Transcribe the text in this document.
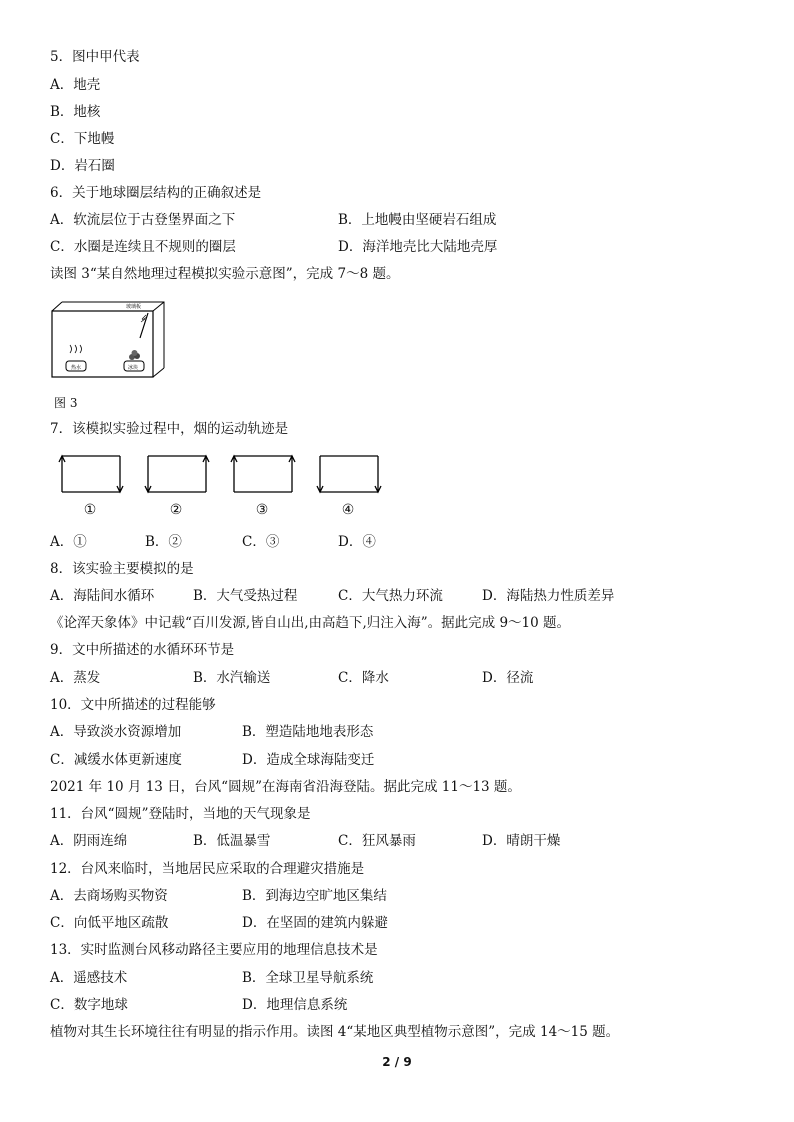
5．图中甲代表
A．地壳
B．地核
C．下地幔
D．岩石圈
6．关于地球圈层结构的正确叙述是
A．软流层位于古登堡界面之下	B．上地幔由坚硬岩石组成
C．水圈是连续且不规则的圈层	D．海洋地壳比大陆地壳厚
读图 3“某自然地理过程模拟实验示意图”，完成 7～8 题。
玻璃板
热水	冰块
图 3
7．该模拟实验过程中，烟的运动轨迹是
①	②	③	④
A．①	B．②	C．③	D．④
8．该实验主要模拟的是
A．海陆间水循环	B．大气受热过程	C．大气热力环流	D．海陆热力性质差异
《论浑天象体》中记载“百川发源,皆自山出,由高趋下,归注入海”。据此完成 9～10 题。
9．文中所描述的水循环环节是
A．蒸发	B．水汽输送	C．降水	D．径流
10．文中所描述的过程能够
A．导致淡水资源增加	B．塑造陆地地表形态
C．减缓水体更新速度	D．造成全球海陆变迁
2021 年 10 月 13 日，台风“圆规”在海南省沿海登陆。据此完成 11～13 题。
11．台风“圆规”登陆时，当地的天气现象是
A．阴雨连绵	B．低温暴雪	C．狂风暴雨	D．晴朗干燥
12．台风来临时，当地居民应采取的合理避灾措施是
A．去商场购买物资	B．到海边空旷地区集结
C．向低平地区疏散	D．在坚固的建筑内躲避
13．实时监测台风移动路径主要应用的地理信息技术是
A．遥感技术	B．全球卫星导航系统
C．数字地球	D．地理信息系统
植物对其生长环境往往有明显的指示作用。读图 4“某地区典型植物示意图”，完成 14～15 题。
2 / 9
